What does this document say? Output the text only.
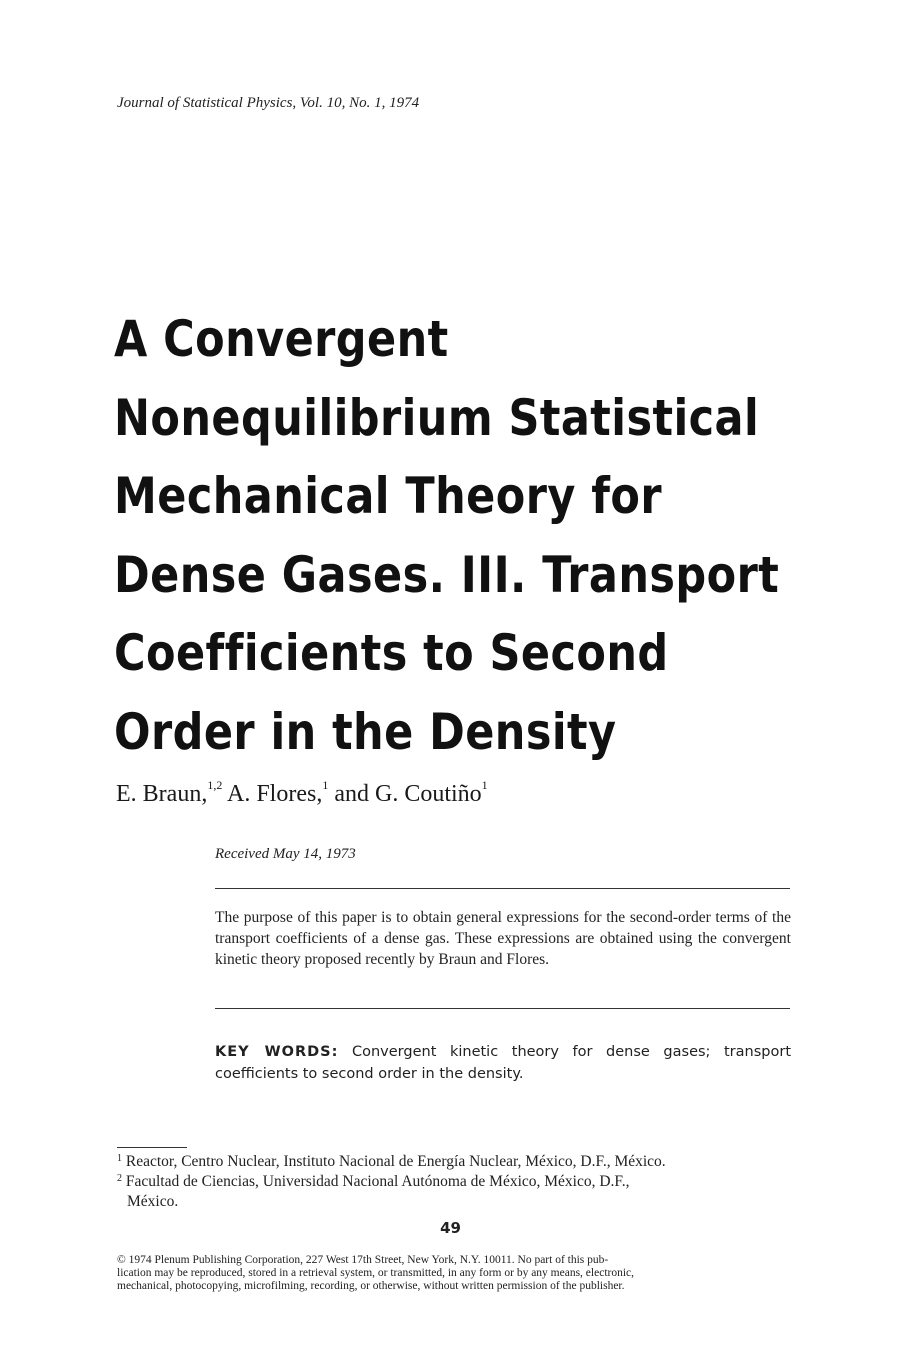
Journal of Statistical Physics, Vol. 10, No. 1, 1974
A Convergent
Nonequilibrium Statistical
Mechanical Theory for
Dense Gases. III. Transport
Coefficients to Second
Order in the Density
E. Braun,$^{1,2}$ A. Flores,$^1$ and G. Coutiño$^1$
Received May 14, 1973

The purpose of this paper is to obtain general expressions for the second-order terms of the transport coefficients of a dense gas. These expressions are obtained using the convergent kinetic theory proposed recently by Braun and Flores.

KEY WORDS: Convergent kinetic theory for dense gases; transport coefficients to second order in the density.

$^1$ Reactor, Centro Nuclear, Instituto Nacional de Energía Nuclear, México, D.F., México.
$^2$ Facultad de Ciencias, Universidad Nacional Autónoma de México, México, D.F.,
México.
49

© 1974 Plenum Publishing Corporation, 227 West 17th Street, New York, N.Y. 10011. No part of this pub-
lication may be reproduced, stored in a retrieval system, or transmitted, in any form or by any means, electronic,
mechanical, photocopying, microfilming, recording, or otherwise, without written permission of the publisher.
